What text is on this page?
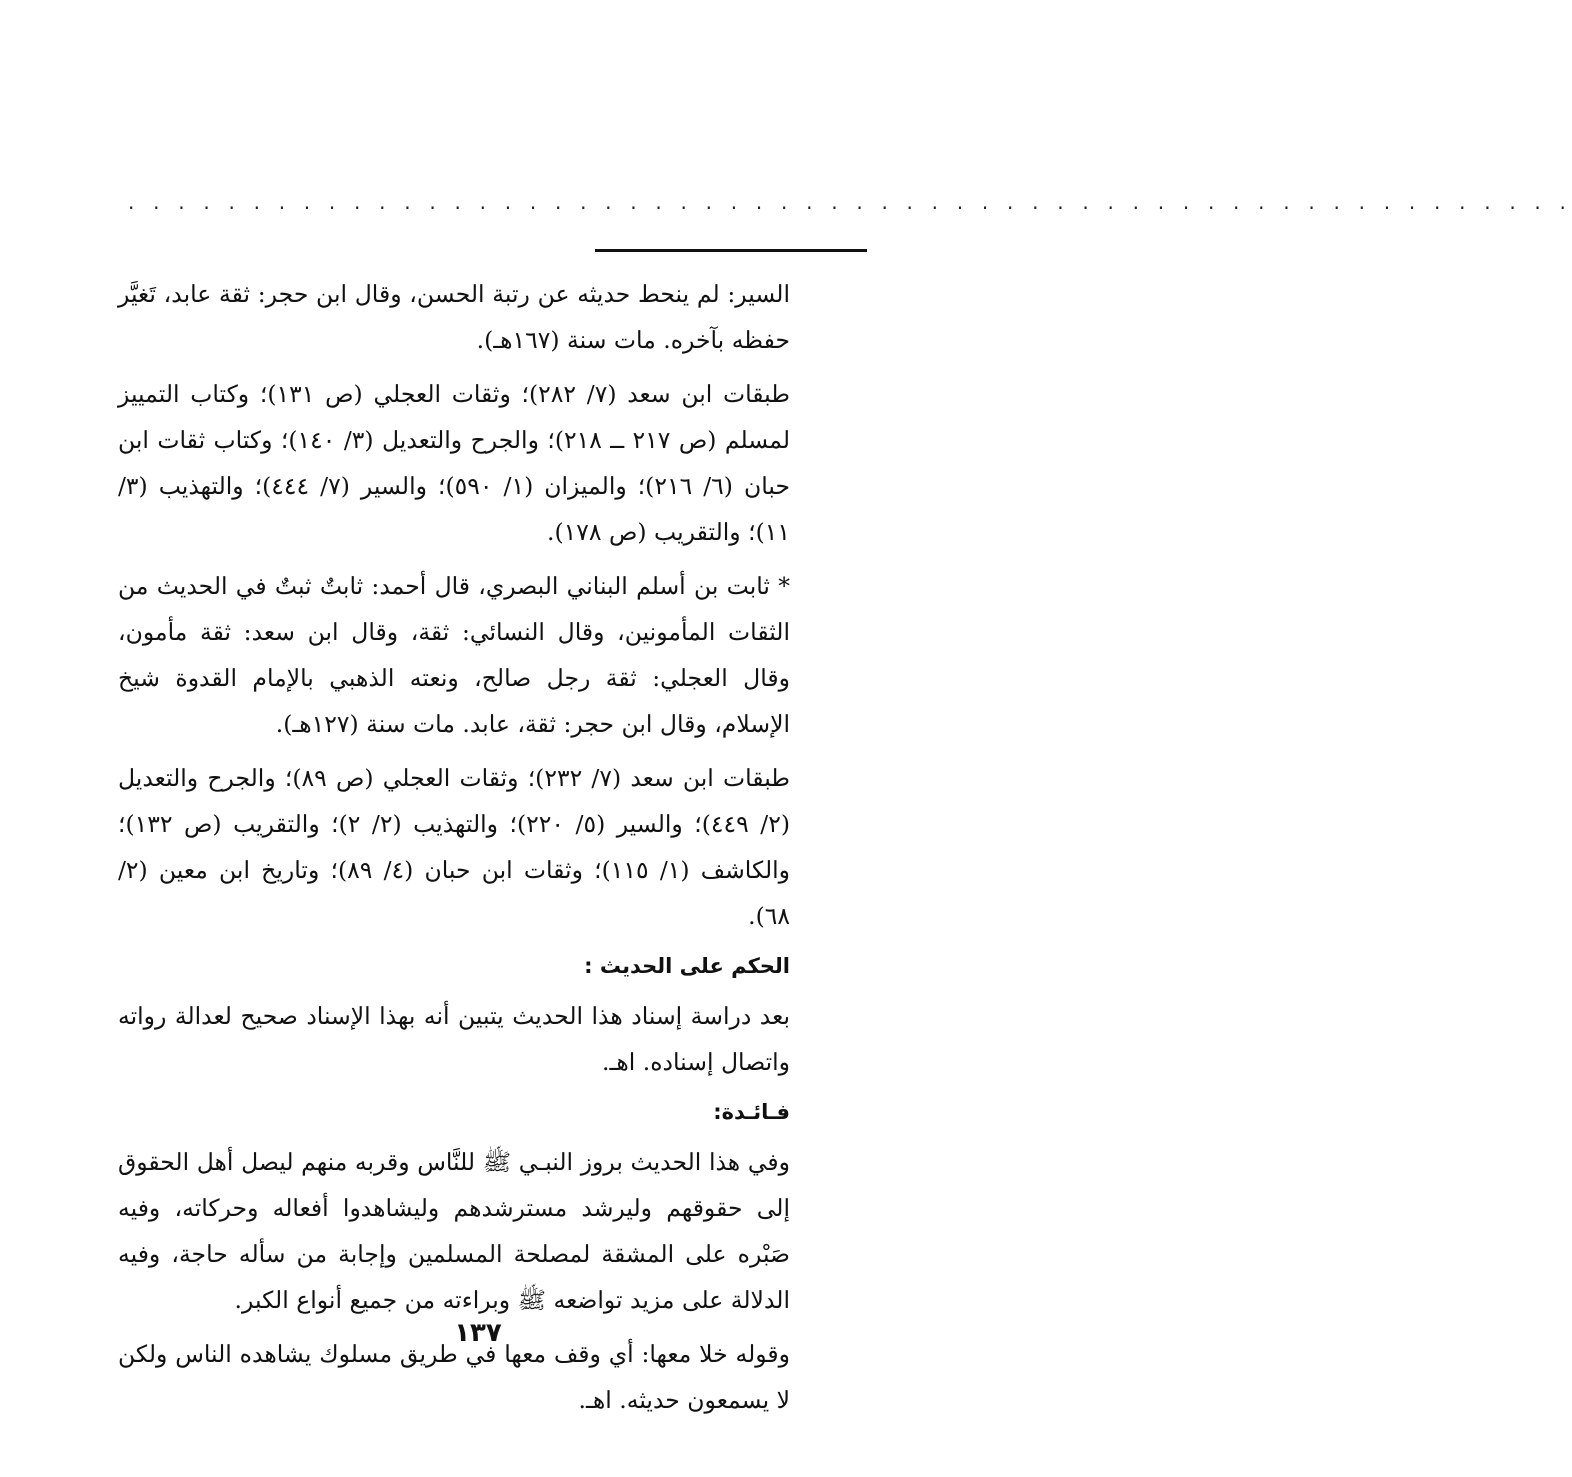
. . . . . . . . . . . . . . . . . . . . . . . . . . . . . . . . . . . . . . . . . . . . . . . . . . . . . . . . . .

السير: لم ينحط حديثه عن رتبة الحسن، وقال ابن حجر: ثقة عابد، تَغيَّر حفظه بآخره. مات سنة (١٦٧هـ).

طبقات ابن سعد (٧/ ٢٨٢)؛ وثقات العجلي (ص ١٣١)؛ وكتاب التمييز لمسلم (ص ٢١٧ ــ ٢١٨)؛ والجرح والتعديل (٣/ ١٤٠)؛ وكتاب ثقات ابن حبان (٦/ ٢١٦)؛ والميزان (١/ ٥٩٠)؛ والسير (٧/ ٤٤٤)؛ والتهذيب (٣/ ١١)؛ والتقريب (ص ١٧٨).

* ثابت بن أسلم البناني البصري، قال أحمد: ثابتٌ ثبتٌ في الحديث من الثقات المأمونين، وقال النسائي: ثقة، وقال ابن سعد: ثقة مأمون، وقال العجلي: ثقة رجل صالح، ونعته الذهبي بالإمام القدوة شيخ الإسلام، وقال ابن حجر: ثقة، عابد. مات سنة (١٢٧هـ).

طبقات ابن سعد (٧/ ٢٣٢)؛ وثقات العجلي (ص ٨٩)؛ والجرح والتعديل (٢/ ٤٤٩)؛ والسير (٥/ ٢٢٠)؛ والتهذيب (٢/ ٢)؛ والتقريب (ص ١٣٢)؛ والكاشف (١/ ١١٥)؛ وثقات ابن حبان (٤/ ٨٩)؛ وتاريخ ابن معين (٢/ ٦٨).

الحكم على الحديث :

بعد دراسة إسناد هذا الحديث يتبين أنه بهذا الإسناد صحيح لعدالة رواته واتصال إسناده. اهـ.

فـائـدة:

وفي هذا الحديث بروز النبـي ﷺ للنَّاس وقربه منهم ليصل أهل الحقوق إلى حقوقهم وليرشد مسترشدهم وليشاهدوا أفعاله وحركاته، وفيه صَبْره على المشقة لمصلحة المسلمين وإجابة من سأله حاجة، وفيه الدلالة على مزيد تواضعه ﷺ وبراءته من جميع أنواع الكبر.

وقوله خلا معها: أي وقف معها في طريق مسلوك يشاهده الناس ولكن لا يسمعون حديثه. اهـ.

١٣٧
